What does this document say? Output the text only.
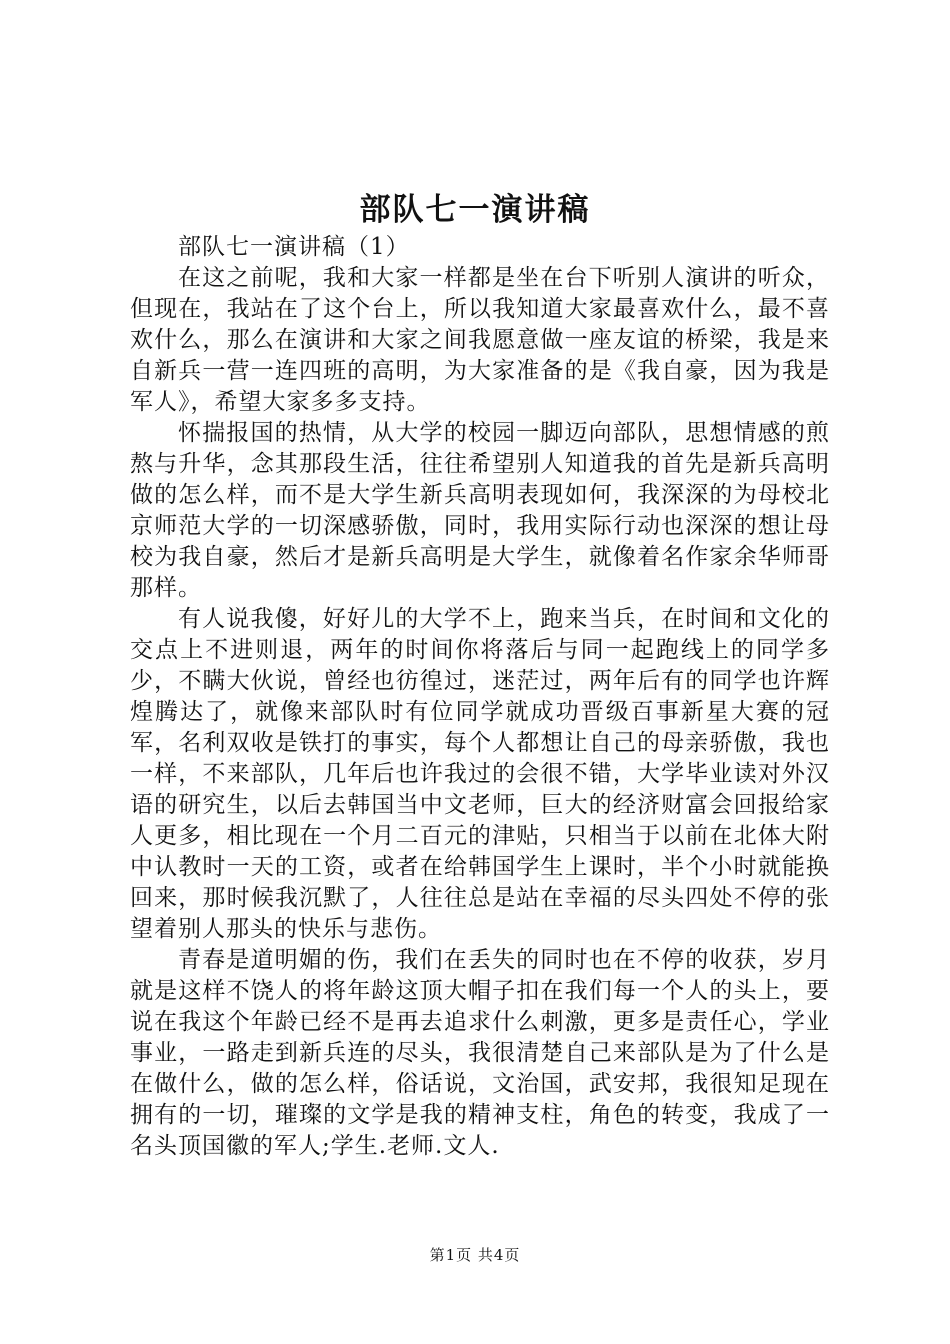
部队七一演讲稿

部队七一演讲稿（1）

在这之前呢，我和大家一样都是坐在台下听别人演讲的听众，但现在，我站在了这个台上，所以我知道大家最喜欢什么，最不喜欢什么，那么在演讲和大家之间我愿意做一座友谊的桥梁，我是来自新兵一营一连四班的高明，为大家准备的是《我自豪，因为我是军人》，希望大家多多支持。

怀揣报国的热情，从大学的校园一脚迈向部队，思想情感的煎熬与升华，念其那段生活，往往希望别人知道我的首先是新兵高明做的怎么样，而不是大学生新兵高明表现如何，我深深的为母校北京师范大学的一切深感骄傲，同时，我用实际行动也深深的想让母校为我自豪，然后才是新兵高明是大学生，就像着名作家余华师哥那样。

有人说我傻，好好儿的大学不上，跑来当兵，在时间和文化的交点上不进则退，两年的时间你将落后与同一起跑线上的同学多少，不瞒大伙说，曾经也彷徨过，迷茫过，两年后有的同学也许辉煌腾达了，就像来部队时有位同学就成功晋级百事新星大赛的冠军，名利双收是铁打的事实，每个人都想让自己的母亲骄傲，我也一样，不来部队，几年后也许我过的会很不错，大学毕业读对外汉语的研究生，以后去韩国当中文老师，巨大的经济财富会回报给家人更多，相比现在一个月二百元的津贴，只相当于以前在北体大附中认教时一天的工资，或者在给韩国学生上课时，半个小时就能换回来，那时候我沉默了，人往往总是站在幸福的尽头四处不停的张望着别人那头的快乐与悲伤。

青春是道明媚的伤，我们在丢失的同时也在不停的收获，岁月就是这样不饶人的将年龄这顶大帽子扣在我们每一个人的头上，要说在我这个年龄已经不是再去追求什么刺激，更多是责任心，学业事业，一路走到新兵连的尽头，我很清楚自己来部队是为了什么是在做什么，做的怎么样，俗话说，文治国，武安邦，我很知足现在拥有的一切，璀璨的文学是我的精神支柱，角色的转变，我成了一名头顶国徽的军人;学生.老师.文人.

第1页 共4页
